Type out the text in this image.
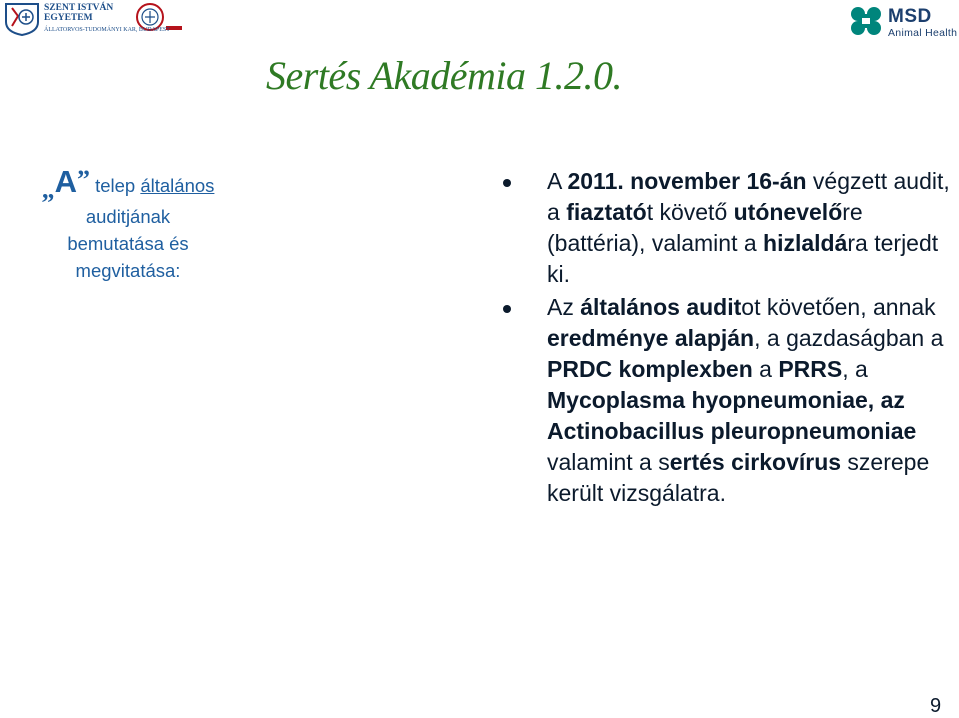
SZENT ISTVÁN
EGYETEM
ÁLLATORVOS-TUDOMÁNYI KAR, BUDAPEST
MSD
Animal Health
Sertés Akadémia 1.2.0.
„A” telep általános
auditjának
bemutatása és
megvitatása:
A 2011. november 16-án végzett audit, a fiaztatót követő utónevelőre (battéria), valamint a hizlaldára terjedt ki.
Az általános auditot követően, annak eredménye alapján, a gazdaságban a PRDC komplexben a PRRS, a Mycoplasma hyopneumoniae, az Actinobacillus pleuropneumoniae valamint a sertés cirkovírus szerepe került vizsgálatra.
9
